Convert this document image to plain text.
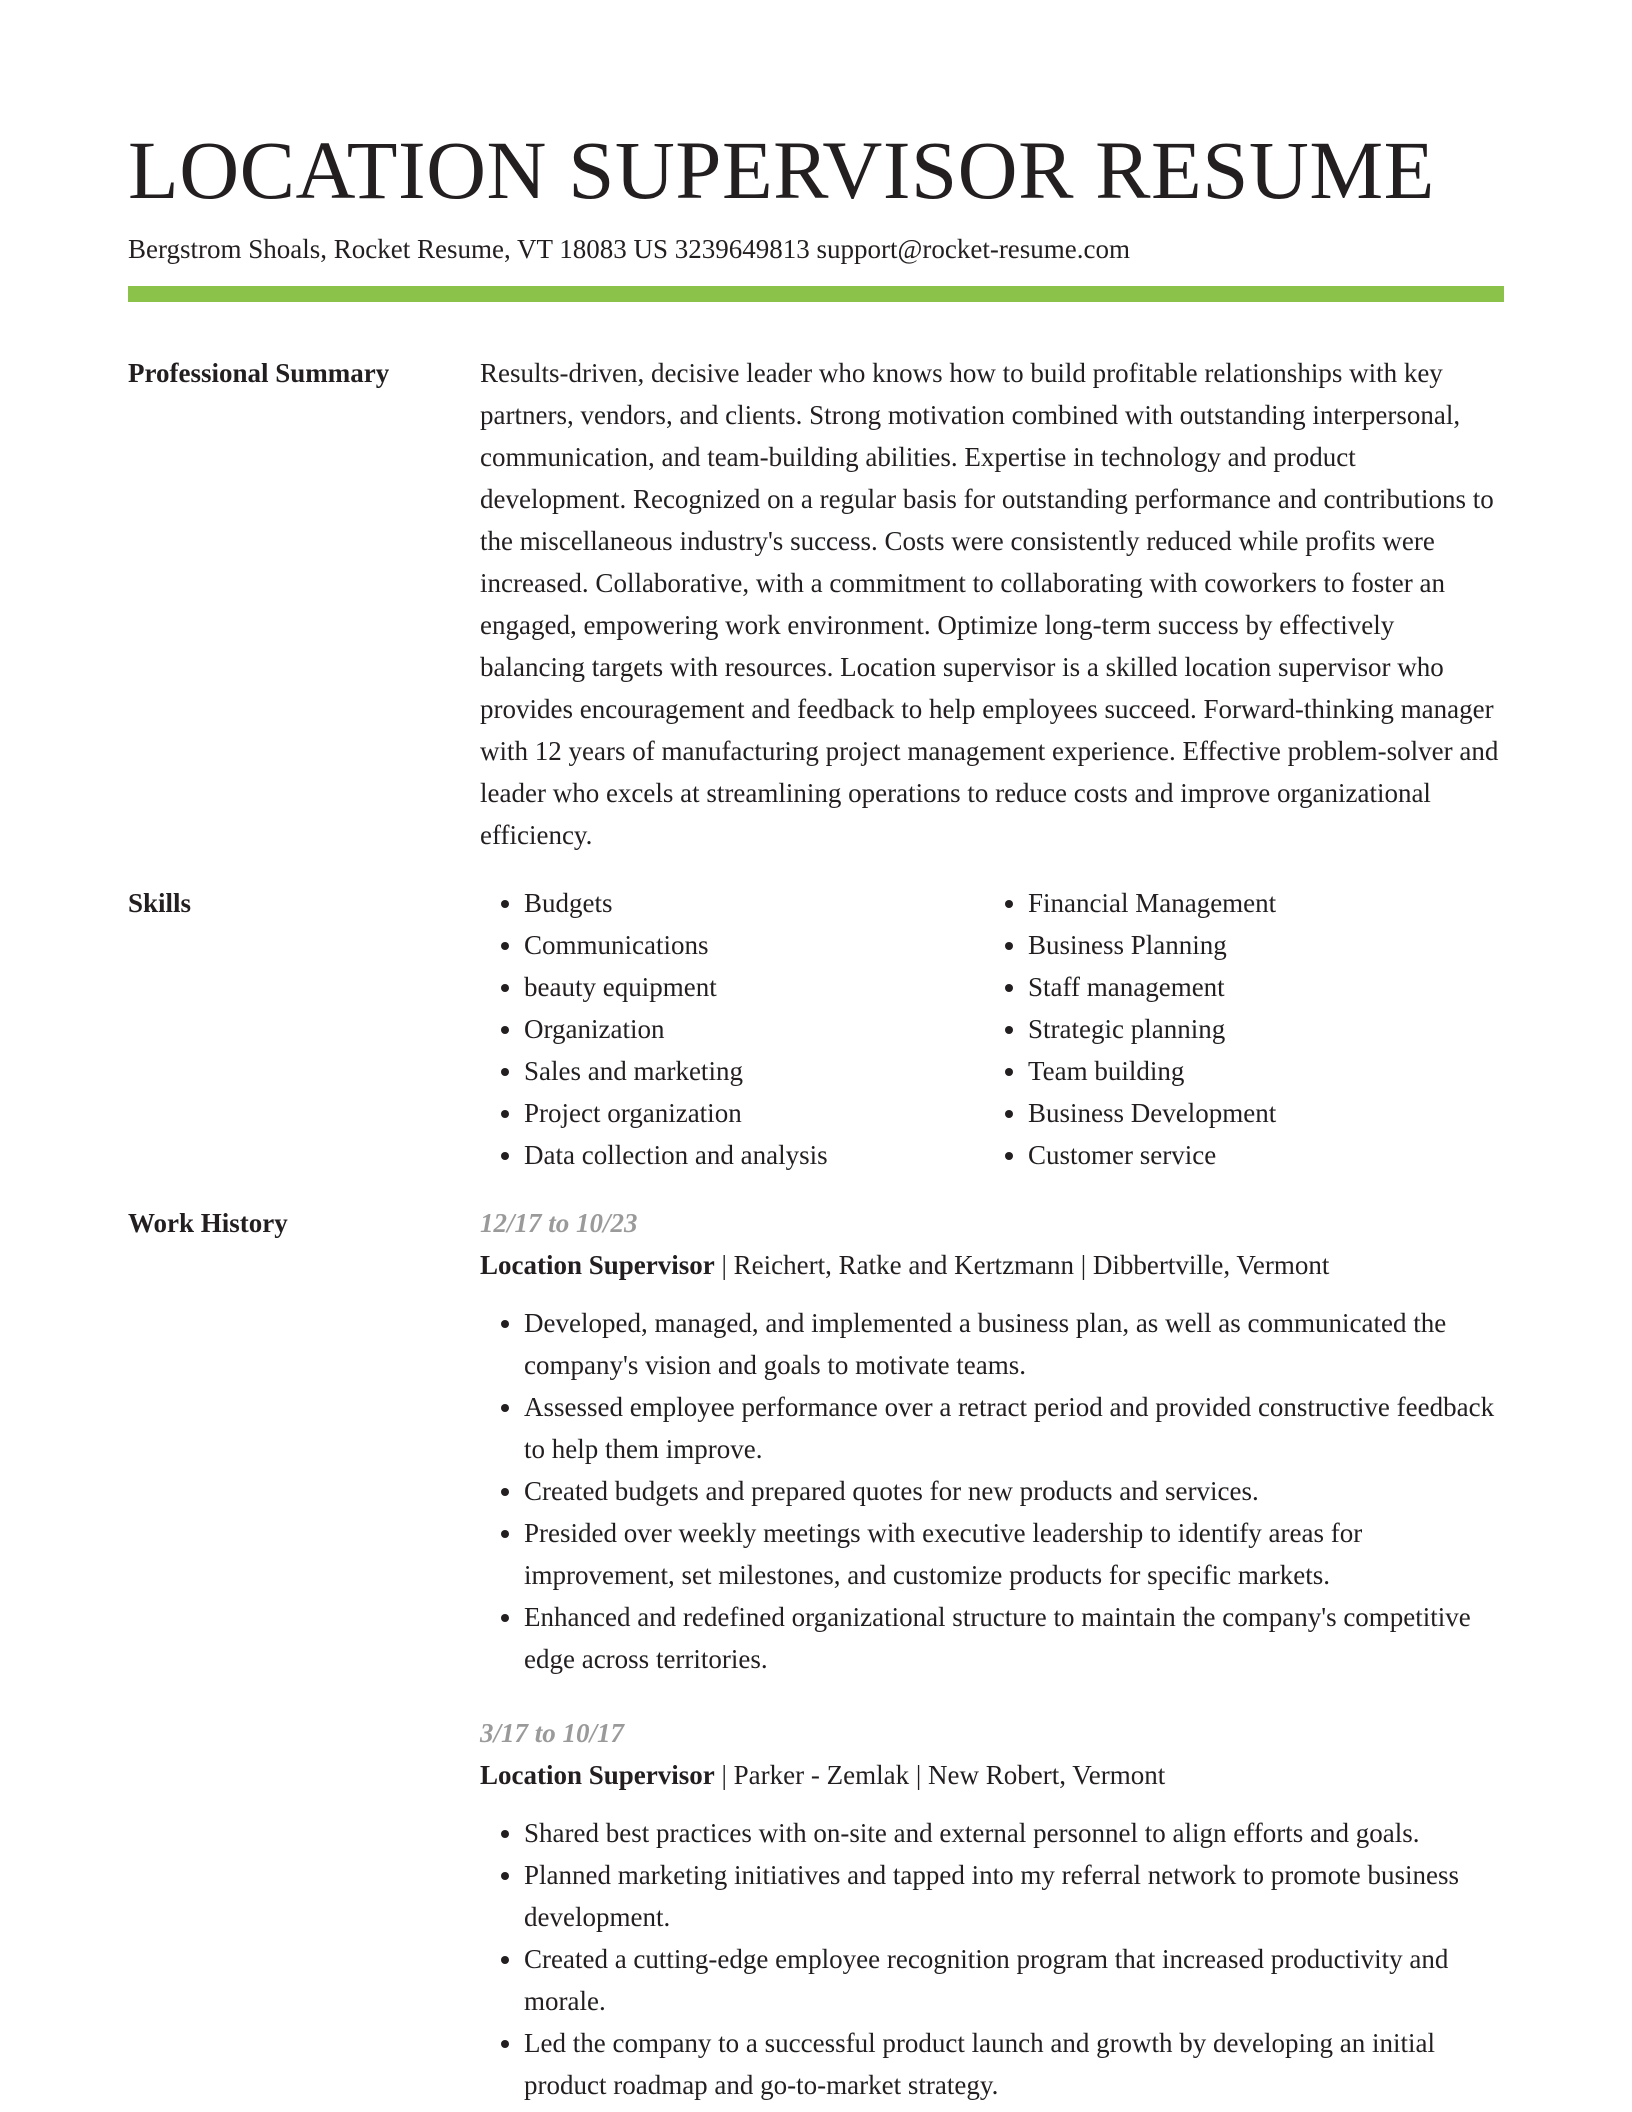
LOCATION SUPERVISOR RESUME
Bergstrom Shoals, Rocket Resume, VT 18083 US 3239649813 support@rocket-resume.com
Professional Summary	Results-driven, decisive leader who knows how to build profitable relationships with key partners, vendors, and clients. Strong motivation combined with outstanding interpersonal, communication, and team-building abilities. Expertise in technology and product development. Recognized on a regular basis for outstanding performance and contributions to the miscellaneous industry's success. Costs were consistently reduced while profits were increased. Collaborative, with a commitment to collaborating with coworkers to foster an engaged, empowering work environment. Optimize long-term success by effectively balancing targets with resources. Location supervisor is a skilled location supervisor who provides encouragement and feedback to help employees succeed. Forward-thinking manager with 12 years of manufacturing project management experience. Effective problem-solver and leader who excels at streamlining operations to reduce costs and improve organizational efficiency.

Skills
•	Budgets
• Communications
• beauty equipment
• Organization
• Sales and marketing
• Project organization
• Data collection and analysis
• Financial Management
• Business Planning
• Staff management
• Strategic planning
• Team building
• Business Development
• Customer service
Work History	12/17 to 10/23
Location Supervisor | Reichert, Ratke and Kertzmann | Dibbertville, Vermont
• Developed, managed, and implemented a business plan, as well as communicated the company's vision and goals to motivate teams.
• Assessed employee performance over a retract period and provided constructive feedback to help them improve.
• Created budgets and prepared quotes for new products and services.
• Presided over weekly meetings with executive leadership to identify areas for improvement, set milestones, and customize products for specific markets.
• Enhanced and redefined organizational structure to maintain the company's competitive edge across territories.
3/17 to 10/17
Location Supervisor | Parker - Zemlak | New Robert, Vermont
• Shared best practices with on-site and external personnel to align efforts and goals.
• Planned marketing initiatives and tapped into my referral network to promote business development.
• Created a cutting-edge employee recognition program that increased productivity and morale.
• Led the company to a successful product launch and growth by developing an initial product roadmap and go-to-market strategy.
